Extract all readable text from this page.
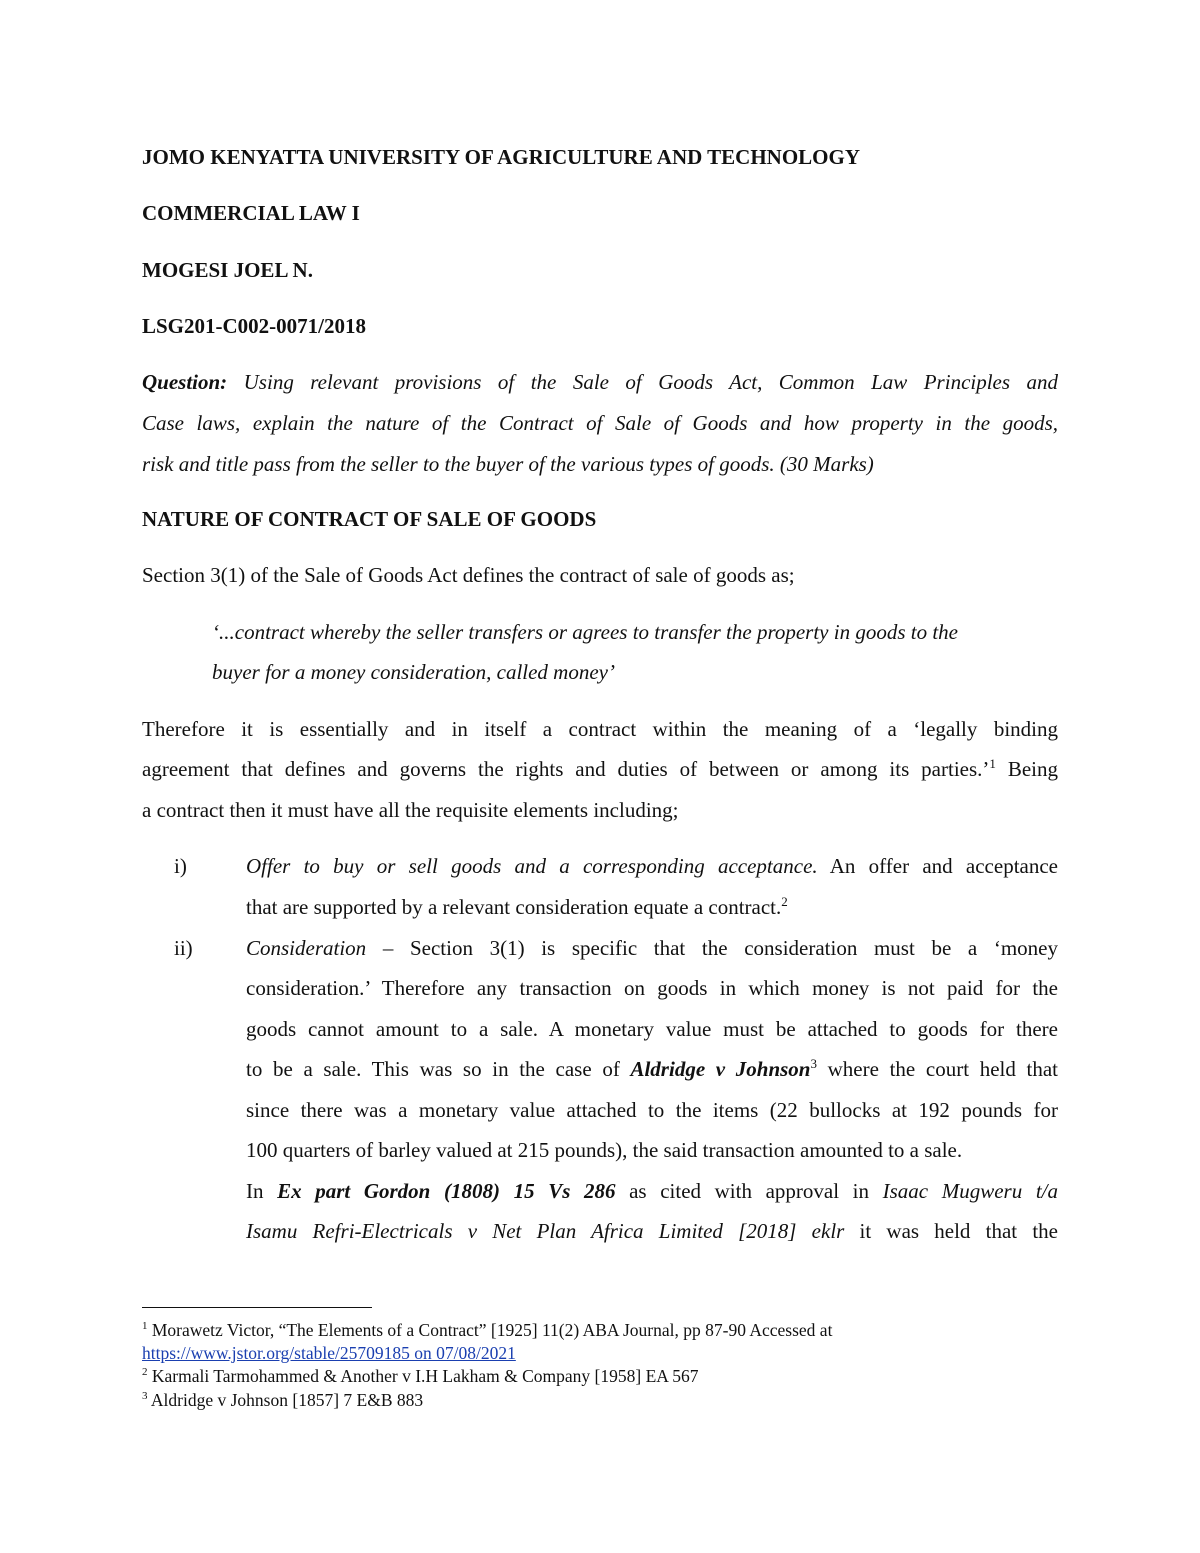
JOMO KENYATTA UNIVERSITY OF AGRICULTURE AND TECHNOLOGY
COMMERCIAL LAW I
MOGESI JOEL N.
LSG201-C002-0071/2018
Question: Using relevant provisions of the Sale of Goods Act, Common Law Principles and
Case laws, explain the nature of the Contract of Sale of Goods and how property in the goods,
risk and title pass from the seller to the buyer of the various types of goods. (30 Marks)
NATURE OF CONTRACT OF SALE OF GOODS
Section 3(1) of the Sale of Goods Act defines the contract of sale of goods as;
‘...contract whereby the seller transfers or agrees to transfer the property in goods to the
buyer for a money consideration, called money’
Therefore it is essentially and in itself a contract within the meaning of a ‘legally binding
agreement that defines and governs the rights and duties of between or among its parties.’$^1$ Being
a contract then it must have all the requisite elements including;
i)	Offer to buy or sell goods and a corresponding acceptance. An offer and acceptance
that are supported by a relevant consideration equate a contract.$^2$
ii)	Consideration – Section 3(1) is specific that the consideration must be a ‘money
consideration.’ Therefore any transaction on goods in which money is not paid for the
goods cannot amount to a sale. A monetary value must be attached to goods for there
to be a sale. This was so in the case of Aldridge v Johnson$^3$ where the court held that
since there was a monetary value attached to the items (22 bullocks at 192 pounds for
100 quarters of barley valued at 215 pounds), the said transaction amounted to a sale.
In Ex part Gordon (1808) 15 Vs 286 as cited with approval in Isaac Mugweru t/a
Isamu Refri-Electricals v Net Plan Africa Limited [2018] eklr it was held that the
$^1$ Morawetz Victor, “The Elements of a Contract” [1925] 11(2) ABA Journal, pp 87-90 Accessed at
https://www.jstor.org/stable/25709185 on 07/08/2021
$^2$ Karmali Tarmohammed & Another v I.H Lakham & Company [1958] EA 567
$^3$ Aldridge v Johnson [1857] 7 E&B 883
